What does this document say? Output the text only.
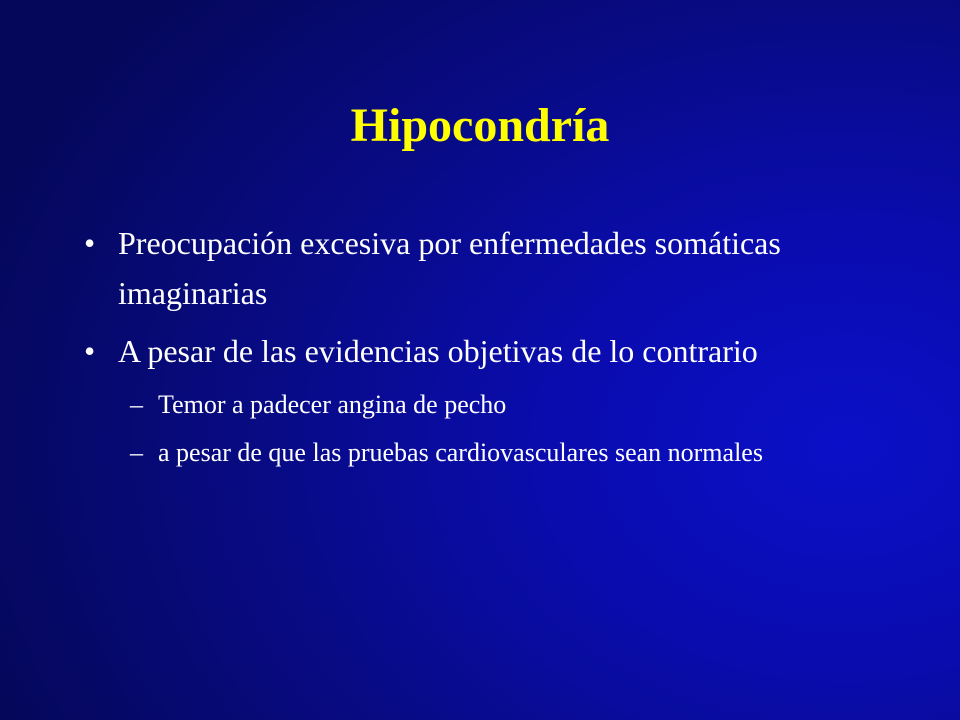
Hipocondría
• Preocupación excesiva por enfermedades somáticas imaginarias
• A pesar de las evidencias objetivas de lo contrario
– Temor a padecer angina de pecho
– a pesar de que las pruebas cardiovasculares sean normales
